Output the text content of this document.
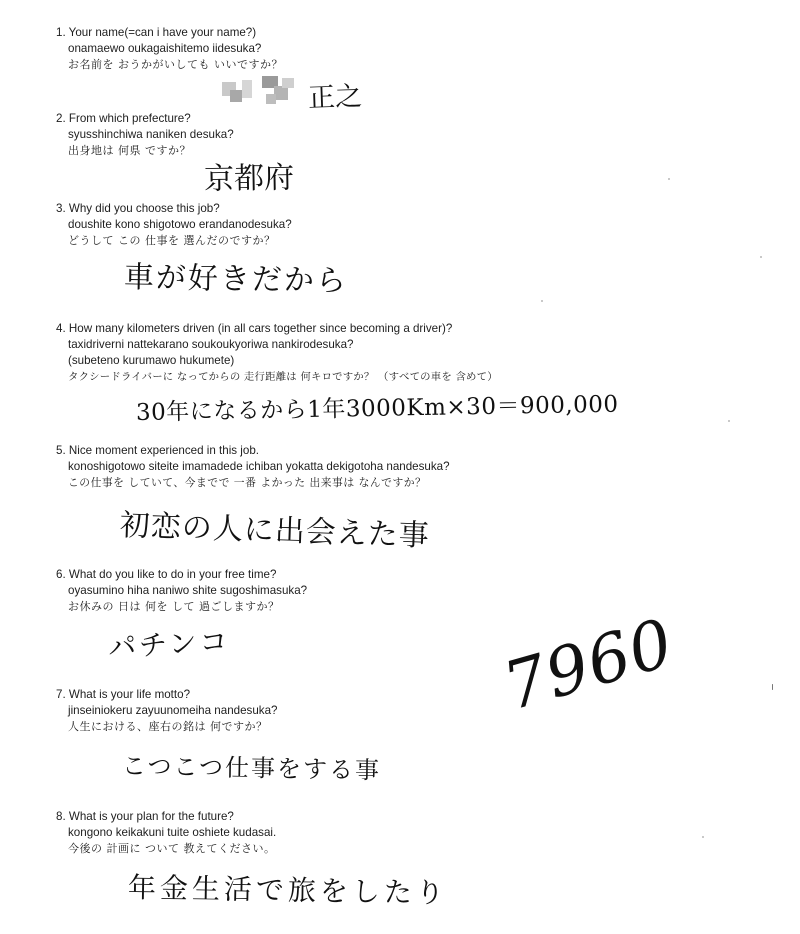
1. Your name(=can i have your name?)
onamaewo oukagaishitemo iidesuka?
お名前を おうかがいしても いいですか？
正之
2. From which prefecture?
syusshinchiwa naniken desuka?
出身地は 何県 ですか？
京都府
3. Why did you choose this job?
doushite kono shigotowo erandanodesuka?
どうして この 仕事を 選んだのですか？
車が好きだから
4. How many kilometers driven (in all cars together since becoming a driver)?
taxidriverni nattekarano soukoukyoriwa nankirodesuka?
(subeteno kurumawo hukumete)
タクシードライバーに なってからの 走行距離は 何キロですか？ （すべての車を 含めて）
30年になるから1年3000Km×30＝900,000
5. Nice moment experienced in this job.
konoshigotowo siteite imamadede ichiban yokatta dekigotoha nandesuka?
この仕事を していて、今までで 一番 よかった 出来事は なんですか？
初恋の人に出会えた事
6. What do you like to do in your free time?
oyasumino hiha naniwo shite sugoshimasuka?
お休みの 日は 何を して 過ごしますか？
パチンコ
7. What is your life motto?
jinseiniokeru zayuunomeiha nandesuka?
人生における、座右の銘は 何ですか？
こつこつ仕事をする事
8. What is your plan for the future?
kongono keikakuni tuite oshiete kudasai.
今後の 計画に ついて 教えてください。
年金生活で旅をしたり
7960
